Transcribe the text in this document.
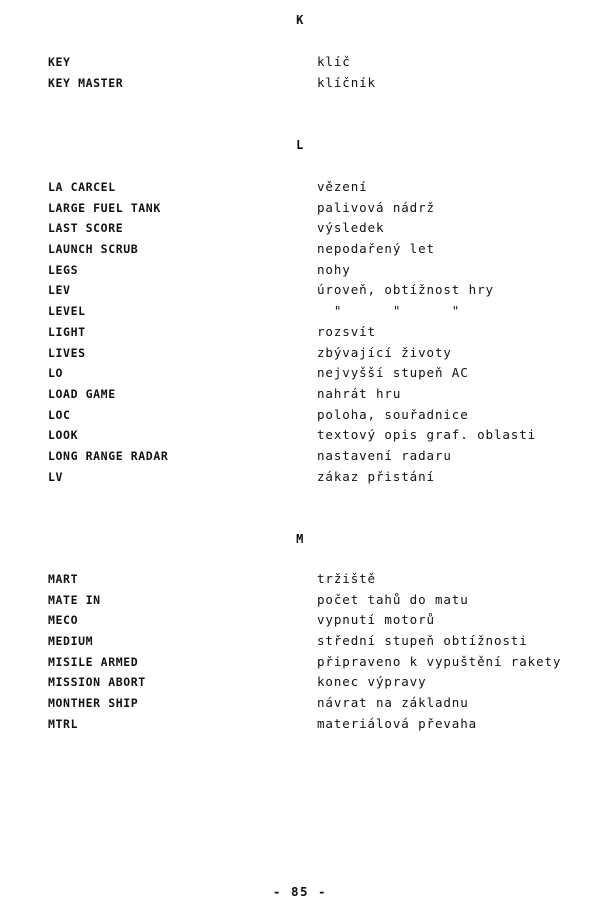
K
KEY	klíč
KEY MASTER	klíčník
L
LA CARCEL	vězení
LARGE FUEL TANK	palivová nádrž
LAST SCORE	výsledek
LAUNCH SCRUB	nepodařený let
LEGS	nohy
LEV	úroveň, obtížnost hry
LEVEL	"      "      "
LIGHT	rozsvít
LIVES	zbývající životy
LO	nejvyšší stupeň AC
LOAD GAME	nahrát hru
LOC	poloha, souřadnice
LOOK	textový opis graf. oblasti
LONG RANGE RADAR	nastavení radaru
LV	zákaz přistání
M
MART	tržiště
MATE IN	počet tahů do matu
MECO	vypnutí motorů
MEDIUM	střední stupeň obtížnosti
MISILE ARMED	připraveno k vypuštění rakety
MISSION ABORT	konec výpravy
MONTHER SHIP	návrat na základnu
MTRL	materiálová převaha
- 85 -
